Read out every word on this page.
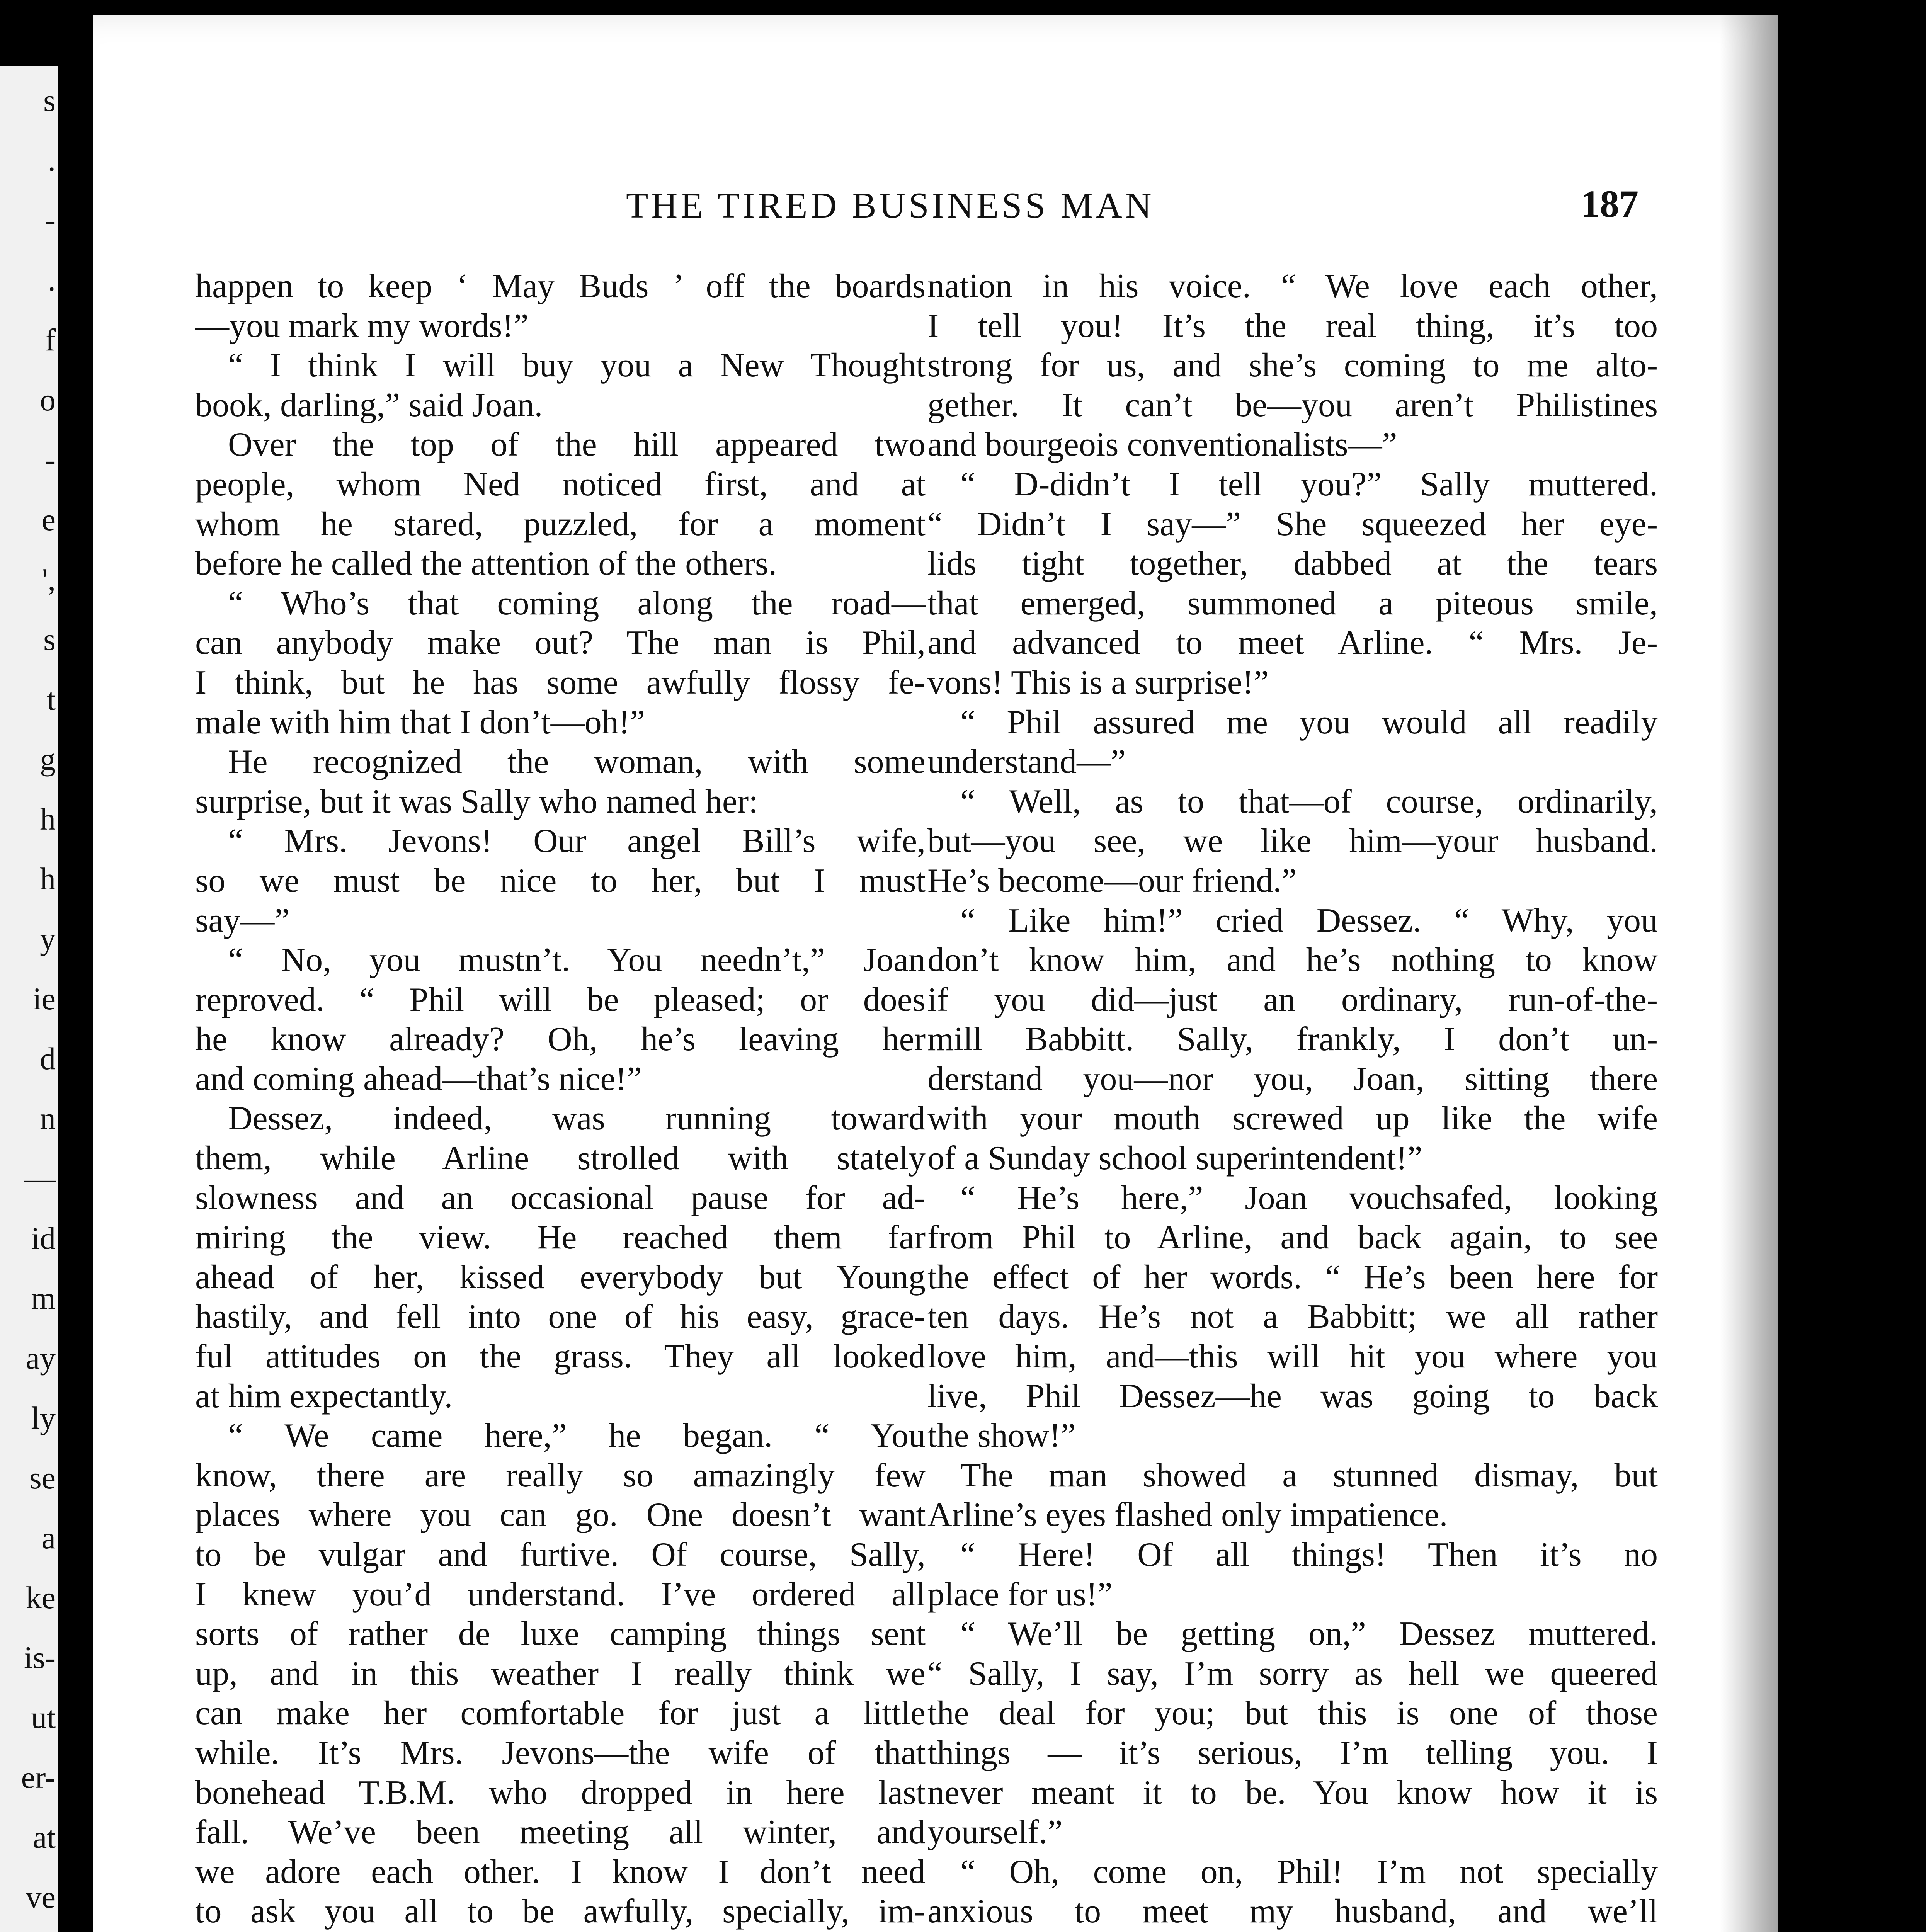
s
.
-
.
f
o
-
e
',
s
t
g
h
h
y
ie
d
n
—
id
m
ay
ly
se
a
ke
is-
ut
er-
at
ve
THE TIRED BUSINESS MAN	187
happen to keep ‘ May Buds ’ off the boards
—you mark my words!”
“ I think I will buy you a New Thought
book, darling,” said Joan.
Over the top of the hill appeared two
people, whom Ned noticed first, and at
whom he stared, puzzled, for a moment
before he called the attention of the others.
“ Who’s that coming along the road—
can anybody make out? The man is Phil,
I think, but he has some awfully flossy fe-
male with him that I don’t—oh!”
He recognized the woman, with some
surprise, but it was Sally who named her:
“ Mrs. Jevons! Our angel Bill’s wife,
so we must be nice to her, but I must
say—”
“ No, you mustn’t. You needn’t,” Joan
reproved. “ Phil will be pleased; or does
he know already? Oh, he’s leaving her
and coming ahead—that’s nice!”
Dessez, indeed, was running toward
them, while Arline strolled with stately
slowness and an occasional pause for ad-
miring the view. He reached them far
ahead of her, kissed everybody but Young
hastily, and fell into one of his easy, grace-
ful attitudes on the grass. They all looked
at him expectantly.
“ We came here,” he began. “ You
know, there are really so amazingly few
places where you can go. One doesn’t want
to be vulgar and furtive. Of course, Sally,
I knew you’d understand. I’ve ordered all
sorts of rather de luxe camping things sent
up, and in this weather I really think we
can make her comfortable for just a little
while. It’s Mrs. Jevons—the wife of that
bonehead T.B.M. who dropped in here last
fall. We’ve been meeting all winter, and
we adore each other. I know I don’t need
to ask you all to be awfully, specially, im-
nation in his voice. “ We love each other,
I tell you! It’s the real thing, it’s too
strong for us, and she’s coming to me alto-
gether. It can’t be—you aren’t Philistines
and bourgeois conventionalists—”
“ D-didn’t I tell you?” Sally muttered.
“ Didn’t I say—” She squeezed her eye-
lids tight together, dabbed at the tears
that emerged, summoned a piteous smile,
and advanced to meet Arline. “ Mrs. Je-
vons! This is a surprise!”
“ Phil assured me you would all readily
understand—”
“ Well, as to that—of course, ordinarily,
but—you see, we like him—your husband.
He’s become—our friend.”
“ Like him!” cried Dessez. “ Why, you
don’t know him, and he’s nothing to know
if you did—just an ordinary, run-of-the-
mill Babbitt. Sally, frankly, I don’t un-
derstand you—nor you, Joan, sitting there
with your mouth screwed up like the wife
of a Sunday school superintendent!”
“ He’s here,” Joan vouchsafed, looking
from Phil to Arline, and back again, to see
the effect of her words. “ He’s been here for
ten days. He’s not a Babbitt; we all rather
love him, and—this will hit you where you
live, Phil Dessez—he was going to back
the show!”
The man showed a stunned dismay, but
Arline’s eyes flashed only impatience.
“ Here! Of all things! Then it’s no
place for us!”
“ We’ll be getting on,” Dessez muttered.
“ Sally, I say, I’m sorry as hell we queered
the deal for you; but this is one of those
things — it’s serious, I’m telling you. I
never meant it to be. You know how it is
yourself.”
“ Oh, come on, Phil! I’m not specially
anxious to meet my husband, and we’ll
